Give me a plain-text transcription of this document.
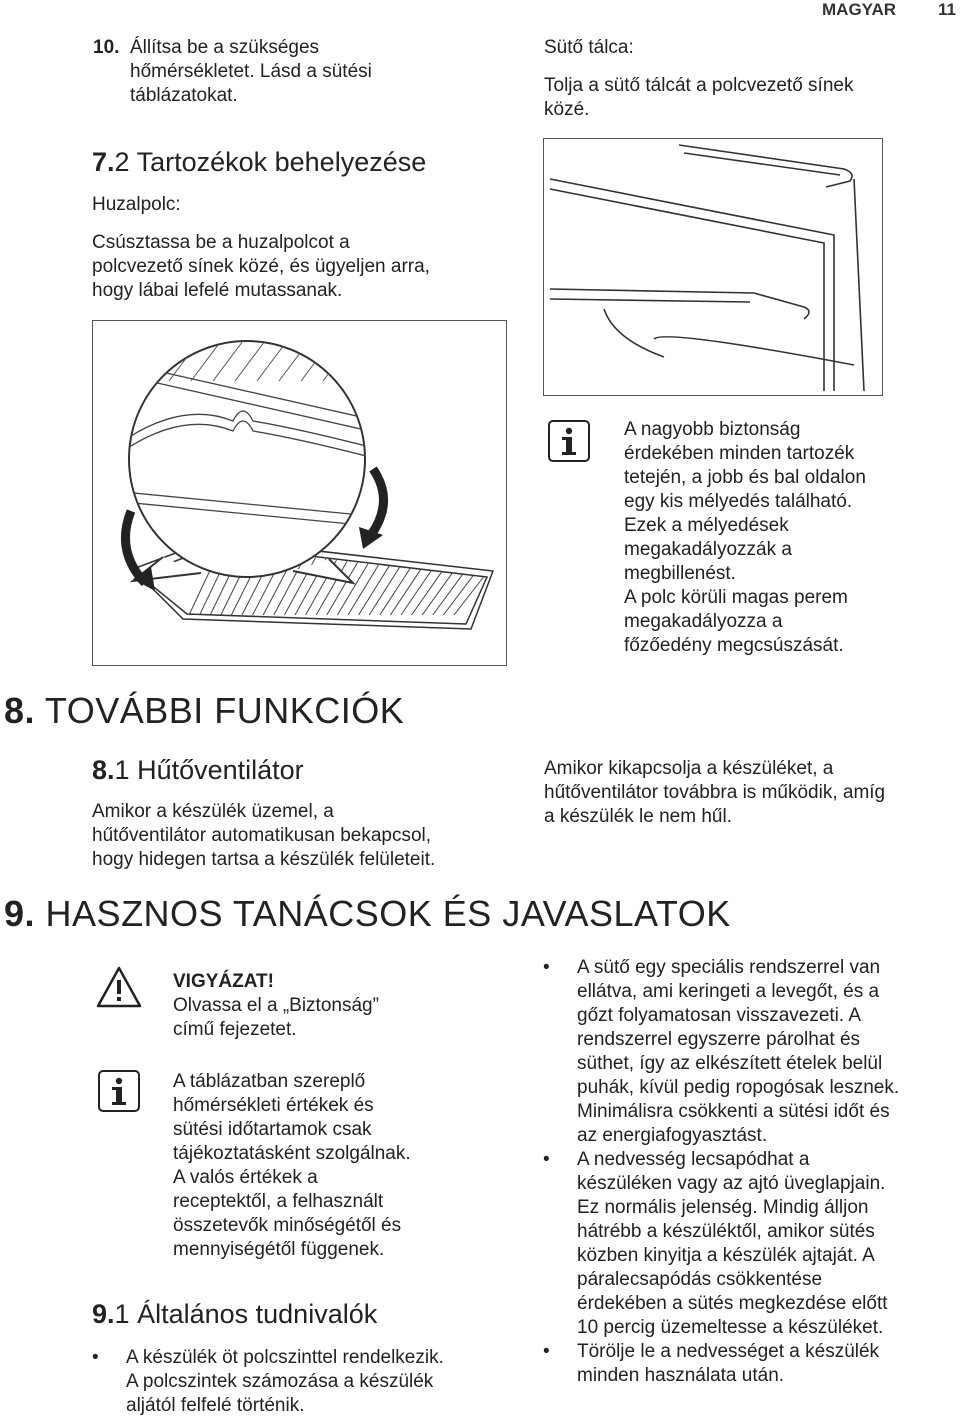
MAGYAR 11
10. Állítsa be a szükséges
hőmérsékletet. Lásd a sütési
táblázatokat.
7.2 Tartozékok behelyezése
Huzalpolc:
Csúsztassa be a huzalpolcot a
polcvezető sínek közé, és ügyeljen arra,
hogy lábai lefelé mutassanak.
Sütő tálca:
Tolja a sütő tálcát a polcvezető sínek
közé.
A nagyobb biztonság
érdekében minden tartozék
tetején, a jobb és bal oldalon
egy kis mélyedés található.
Ezek a mélyedések
megakadályozzák a
megbillenést.
A polc körüli magas perem
megakadályozza a
főzőedény megcsúszását.
8. TOVÁBBI FUNKCIÓK
8.1 Hűtőventilátor
Amikor a készülék üzemel, a
hűtőventilátor automatikusan bekapcsol,
hogy hidegen tartsa a készülék felületeit.
Amikor kikapcsolja a készüléket, a
hűtőventilátor továbbra is működik, amíg
a készülék le nem hűl.
9. HASZNOS TANÁCSOK ÉS JAVASLATOK
VIGYÁZAT!
Olvassa el a „Biztonság”
című fejezetet.
A táblázatban szereplő
hőmérsékleti értékek és
sütési időtartamok csak
tájékoztatásként szolgálnak.
A valós értékek a
receptektől, a felhasznált
összetevők minőségétől és
mennyiségétől függenek.
9.1 Általános tudnivalók
• A készülék öt polcszinttel rendelkezik.
A polcszintek számozása a készülék
aljától felfelé történik.
• A sütő egy speciális rendszerrel van
ellátva, ami keringeti a levegőt, és a
gőzt folyamatosan visszavezeti. A
rendszerrel egyszerre párolhat és
süthet, így az elkészített ételek belül
puhák, kívül pedig ropogósak lesznek.
Minimálisra csökkenti a sütési időt és
az energiafogyasztást.
• A nedvesség lecsapódhat a
készüléken vagy az ajtó üveglapjain.
Ez normális jelenség. Mindig álljon
hátrébb a készüléktől, amikor sütés
közben kinyitja a készülék ajtaját. A
páralecsapódás csökkentése
érdekében a sütés megkezdése előtt
10 percig üzemeltesse a készüléket.
• Törölje le a nedvességet a készülék
minden használata után.
